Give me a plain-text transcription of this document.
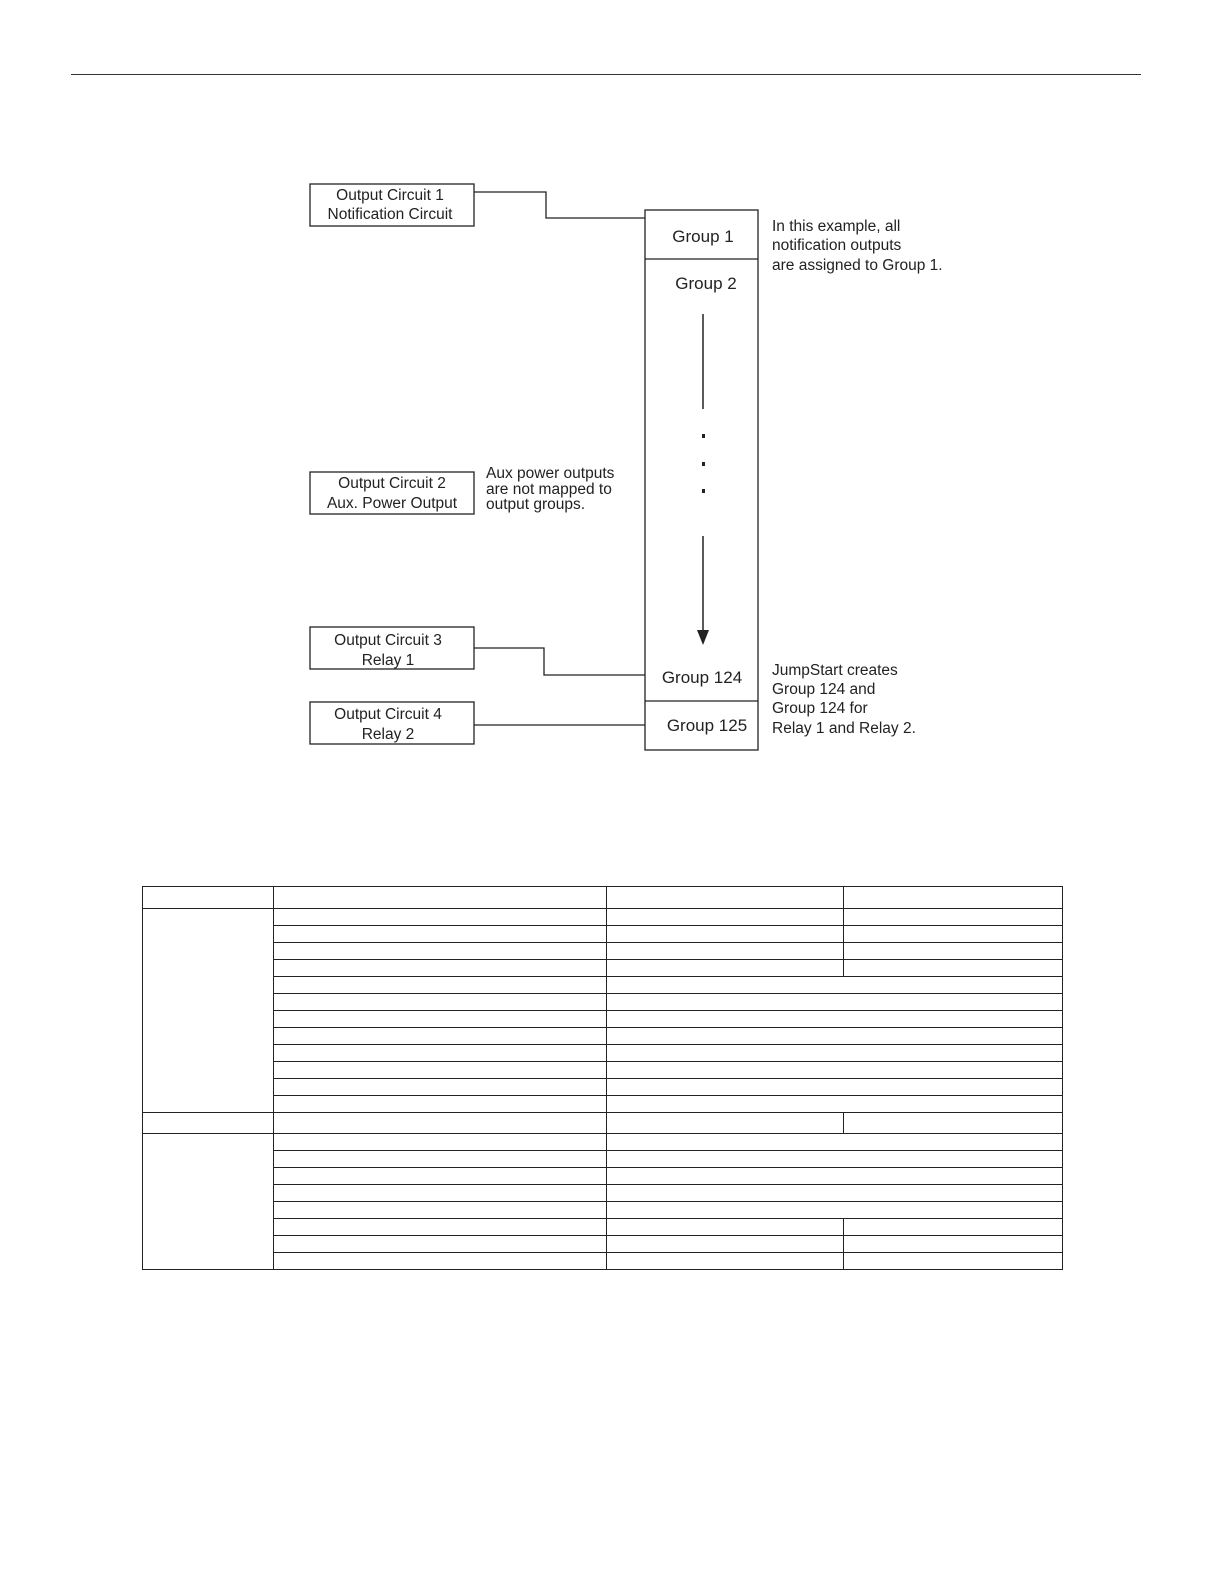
Output Circuit 1
Notification Circuit
Output Circuit 2
Aux. Power Output
Output Circuit 3
Relay 1
Output Circuit 4
Relay 2
Group 1
Group 2
Group 124
Group 125
In this example, all
notification outputs
are assigned to Group 1.
Aux power outputs
are not mapped to
output groups.
JumpStart creates
Group 124 and
Group 124 for
Relay 1 and Relay 2.
